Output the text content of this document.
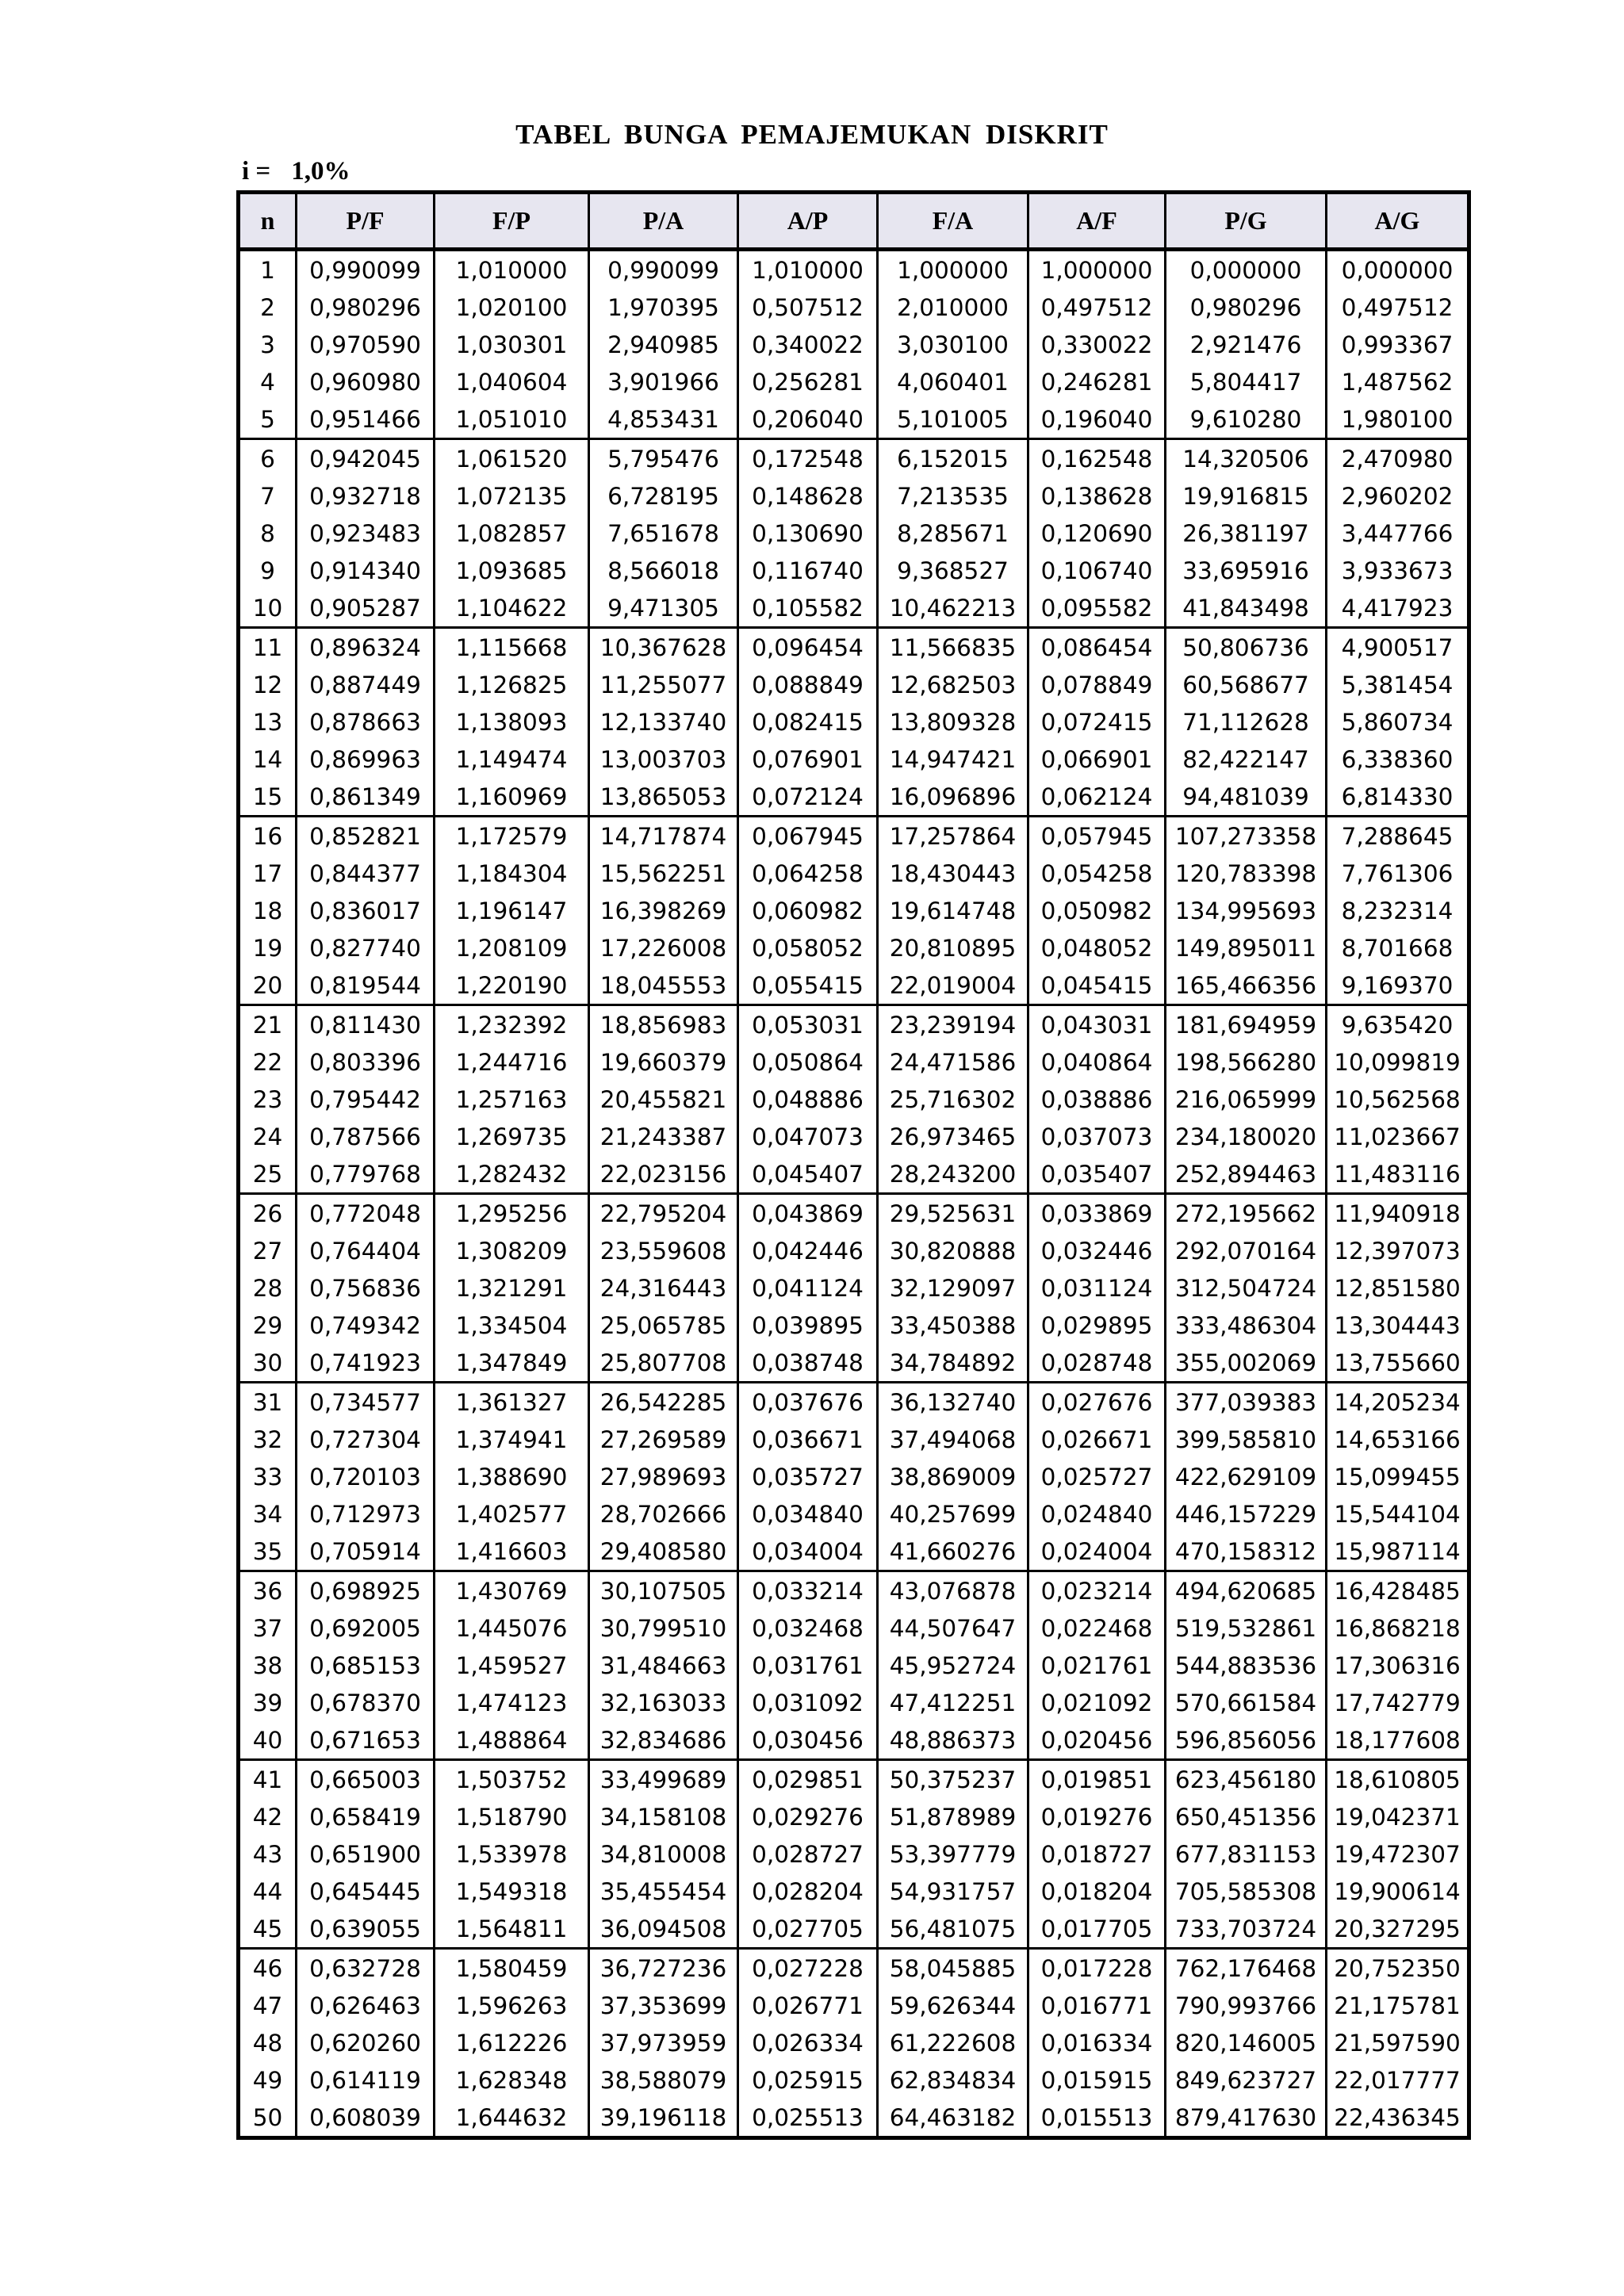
TABEL BUNGA PEMAJEMUKAN DISKRIT
i = 1,0%
n	P/F	F/P	P/A	A/P	F/A	A/F	P/G	A/G
1	0,990099	1,010000	0,990099	1,010000	1,000000	1,000000	0,000000	0,000000
2	0,980296	1,020100	1,970395	0,507512	2,010000	0,497512	0,980296	0,497512
3	0,970590	1,030301	2,940985	0,340022	3,030100	0,330022	2,921476	0,993367
4	0,960980	1,040604	3,901966	0,256281	4,060401	0,246281	5,804417	1,487562
5	0,951466	1,051010	4,853431	0,206040	5,101005	0,196040	9,610280	1,980100
6	0,942045	1,061520	5,795476	0,172548	6,152015	0,162548	14,320506	2,470980
7	0,932718	1,072135	6,728195	0,148628	7,213535	0,138628	19,916815	2,960202
8	0,923483	1,082857	7,651678	0,130690	8,285671	0,120690	26,381197	3,447766
9	0,914340	1,093685	8,566018	0,116740	9,368527	0,106740	33,695916	3,933673
10	0,905287	1,104622	9,471305	0,105582	10,462213	0,095582	41,843498	4,417923
11	0,896324	1,115668	10,367628	0,096454	11,566835	0,086454	50,806736	4,900517
12	0,887449	1,126825	11,255077	0,088849	12,682503	0,078849	60,568677	5,381454
13	0,878663	1,138093	12,133740	0,082415	13,809328	0,072415	71,112628	5,860734
14	0,869963	1,149474	13,003703	0,076901	14,947421	0,066901	82,422147	6,338360
15	0,861349	1,160969	13,865053	0,072124	16,096896	0,062124	94,481039	6,814330
16	0,852821	1,172579	14,717874	0,067945	17,257864	0,057945	107,273358	7,288645
17	0,844377	1,184304	15,562251	0,064258	18,430443	0,054258	120,783398	7,761306
18	0,836017	1,196147	16,398269	0,060982	19,614748	0,050982	134,995693	8,232314
19	0,827740	1,208109	17,226008	0,058052	20,810895	0,048052	149,895011	8,701668
20	0,819544	1,220190	18,045553	0,055415	22,019004	0,045415	165,466356	9,169370
21	0,811430	1,232392	18,856983	0,053031	23,239194	0,043031	181,694959	9,635420
22	0,803396	1,244716	19,660379	0,050864	24,471586	0,040864	198,566280	10,099819
23	0,795442	1,257163	20,455821	0,048886	25,716302	0,038886	216,065999	10,562568
24	0,787566	1,269735	21,243387	0,047073	26,973465	0,037073	234,180020	11,023667
25	0,779768	1,282432	22,023156	0,045407	28,243200	0,035407	252,894463	11,483116
26	0,772048	1,295256	22,795204	0,043869	29,525631	0,033869	272,195662	11,940918
27	0,764404	1,308209	23,559608	0,042446	30,820888	0,032446	292,070164	12,397073
28	0,756836	1,321291	24,316443	0,041124	32,129097	0,031124	312,504724	12,851580
29	0,749342	1,334504	25,065785	0,039895	33,450388	0,029895	333,486304	13,304443
30	0,741923	1,347849	25,807708	0,038748	34,784892	0,028748	355,002069	13,755660
31	0,734577	1,361327	26,542285	0,037676	36,132740	0,027676	377,039383	14,205234
32	0,727304	1,374941	27,269589	0,036671	37,494068	0,026671	399,585810	14,653166
33	0,720103	1,388690	27,989693	0,035727	38,869009	0,025727	422,629109	15,099455
34	0,712973	1,402577	28,702666	0,034840	40,257699	0,024840	446,157229	15,544104
35	0,705914	1,416603	29,408580	0,034004	41,660276	0,024004	470,158312	15,987114
36	0,698925	1,430769	30,107505	0,033214	43,076878	0,023214	494,620685	16,428485
37	0,692005	1,445076	30,799510	0,032468	44,507647	0,022468	519,532861	16,868218
38	0,685153	1,459527	31,484663	0,031761	45,952724	0,021761	544,883536	17,306316
39	0,678370	1,474123	32,163033	0,031092	47,412251	0,021092	570,661584	17,742779
40	0,671653	1,488864	32,834686	0,030456	48,886373	0,020456	596,856056	18,177608
41	0,665003	1,503752	33,499689	0,029851	50,375237	0,019851	623,456180	18,610805
42	0,658419	1,518790	34,158108	0,029276	51,878989	0,019276	650,451356	19,042371
43	0,651900	1,533978	34,810008	0,028727	53,397779	0,018727	677,831153	19,472307
44	0,645445	1,549318	35,455454	0,028204	54,931757	0,018204	705,585308	19,900614
45	0,639055	1,564811	36,094508	0,027705	56,481075	0,017705	733,703724	20,327295
46	0,632728	1,580459	36,727236	0,027228	58,045885	0,017228	762,176468	20,752350
47	0,626463	1,596263	37,353699	0,026771	59,626344	0,016771	790,993766	21,175781
48	0,620260	1,612226	37,973959	0,026334	61,222608	0,016334	820,146005	21,597590
49	0,614119	1,628348	38,588079	0,025915	62,834834	0,015915	849,623727	22,017777
50	0,608039	1,644632	39,196118	0,025513	64,463182	0,015513	879,417630	22,436345
